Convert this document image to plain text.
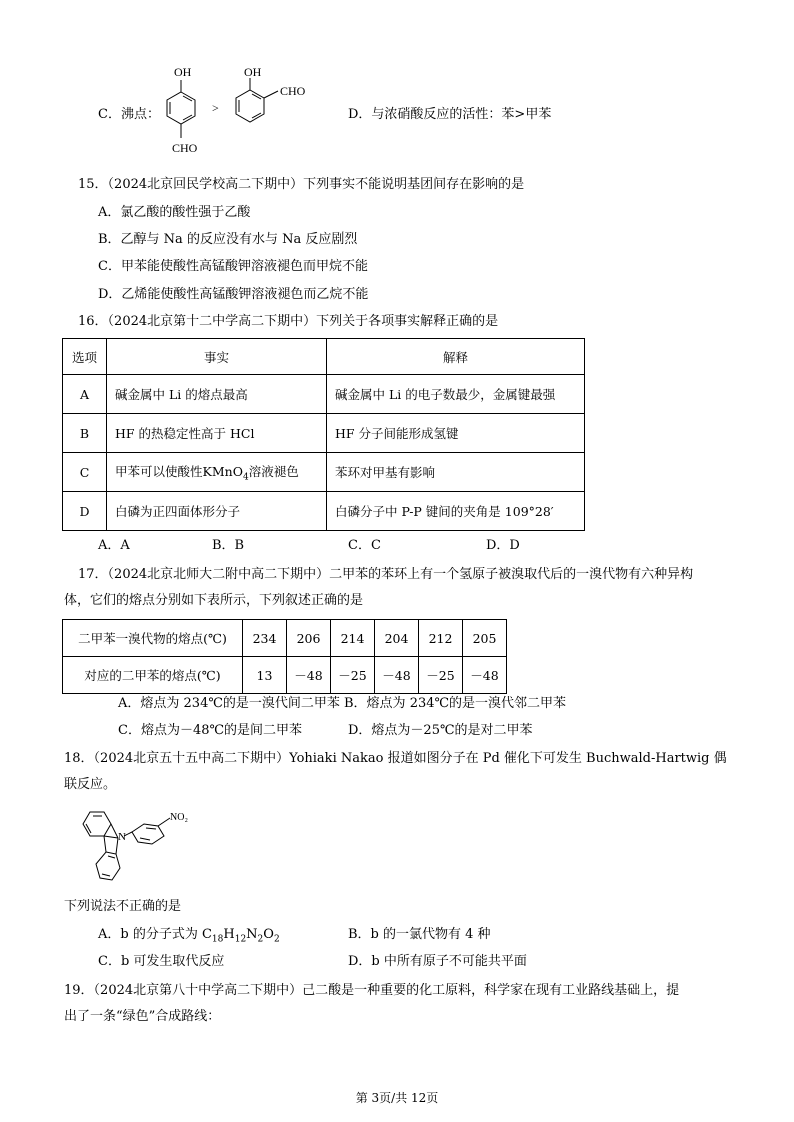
C．沸点：
OH
CHO
>
OH
CHO
D．与浓硝酸反应的活性：苯>甲苯
15．（2024北京回民学校高二下期中）下列事实不能说明基团间存在影响的是
A．氯乙酸的酸性强于乙酸
B．乙醇与 Na 的反应没有水与 Na 反应剧烈
C．甲苯能使酸性高锰酸钾溶液褪色而甲烷不能
D．乙烯能使酸性高锰酸钾溶液褪色而乙烷不能
16．（2024北京第十二中学高二下期中）下列关于各项事实解释正确的是
选项	事实	解释
A	碱金属中 Li 的熔点最高	碱金属中 Li 的电子数最少，金属键最强
B	HF 的热稳定性高于 HCl	HF 分子间能形成氢键
C	甲苯可以使酸性KMnO$_4$溶液褪色	苯环对甲基有影响
D	白磷为正四面体形分子	白磷分子中 P-P 键间的夹角是 109°28′
A．A	B．B	C．C	D．D
17．（2024北京北师大二附中高二下期中）二甲苯的苯环上有一个氢原子被溴取代后的一溴代物有六种异构
体，它们的熔点分别如下表所示，下列叙述正确的是
二甲苯一溴代物的熔点(℃)	234	206	214	204	212	205
对应的二甲苯的熔点(℃)	13	－48	－25	－48	－25	－48
A．熔点为 234℃的是一溴代间二甲苯 B．熔点为 234℃的是一溴代邻二甲苯
C．熔点为－48℃的是间二甲苯	D．熔点为－25℃的是对二甲苯
18．（2024北京五十五中高二下期中）Yohiaki Nakao 报道如图分子在 Pd 催化下可发生 Buchwald-Hartwig 偶
联反应。
N
NO₂
下列说法不正确的是
A．b 的分子式为 $C_{18}H_{12}N_2O_2$	B．b 的一氯代物有 4 种
C．b 可发生取代反应	D．b 中所有原子不可能共平面
19．（2024北京第八十中学高二下期中）己二酸是一种重要的化工原料，科学家在现有工业路线基础上，提
出了一条“绿色”合成路线：
第 3页/共 12页
